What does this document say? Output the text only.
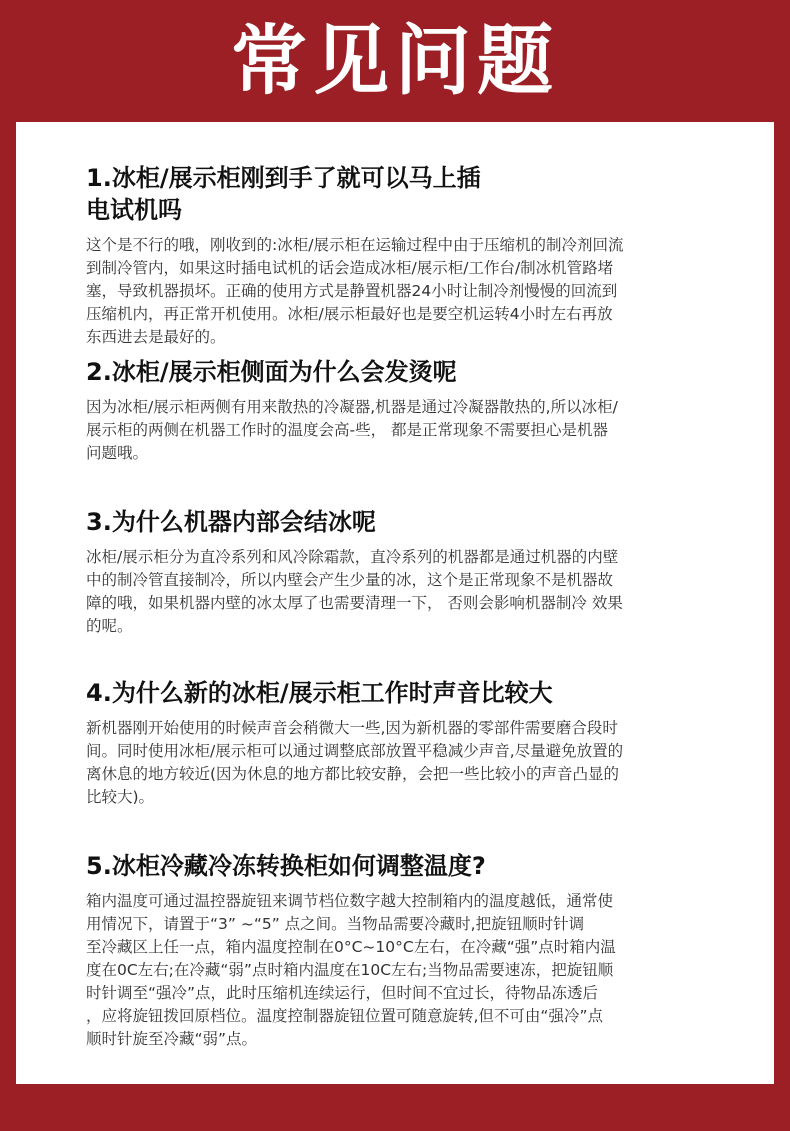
常见问题

1.冰柜/展示柜刚到手了就可以马上插
电试机吗

这个是不行的哦，刚收到的:冰柜/展示柜在运输过程中由于压缩机的制冷剂回流
到制冷管内，如果这时插电试机的话会造成冰柜/展示柜/工作台/制冰机管路堵
塞，导致机器损坏。正确的使用方式是静置机器24小时让制冷剂慢慢的回流到
压缩机内，再正常开机使用。冰柜/展示柜最好也是要空机运转4小时左右再放
东西进去是最好的。

2.冰柜/展示柜侧面为什么会发烫呢

因为冰柜/展示柜两侧有用来散热的冷凝器,机器是通过冷凝器散热的,所以冰柜/
展示柜的两侧在机器工作时的温度会高-些， 都是正常现象不需要担心是机器
问题哦。

3.为什么机器内部会结冰呢

冰柜/展示柜分为直冷系列和风冷除霜款，直冷系列的机器都是通过机器的内壁
中的制冷管直接制冷，所以内壁会产生少量的冰，这个是正常现象不是机器故
障的哦，如果机器内壁的冰太厚了也需要清理一下， 否则会影响机器制冷 效果
的呢。

4.为什么新的冰柜/展示柜工作时声音比较大

新机器刚开始使用的时候声音会稍微大一些,因为新机器的零部件需要磨合段时
间。同时使用冰柜/展示柜可以通过调整底部放置平稳减少声音,尽量避免放置的
离休息的地方较近(因为休息的地方都比较安静，会把一些比较小的声音凸显的
比较大)。

5.冰柜冷藏冷冻转换柜如何调整温度?

箱内温度可通过温控器旋钮来调节档位数字越大控制箱内的温度越低，通常使
用情况下，请置于“3” ~“5” 点之间。当物品需要冷藏时,把旋钮顺时针调
至冷藏区上任一点，箱内温度控制在0°C~10°C左右，在冷藏“强”点时箱内温
度在0C左右;在冷藏“弱”点时箱内温度在10C左右;当物品需要速冻，把旋钮顺
时针调至“强冷”点，此时压缩机连续运行，但时间不宜过长，待物品冻透后
，应将旋钮拨回原档位。温度控制器旋钮位置可随意旋转,但不可由“强冷”点
顺时针旋至冷藏“弱”点。
